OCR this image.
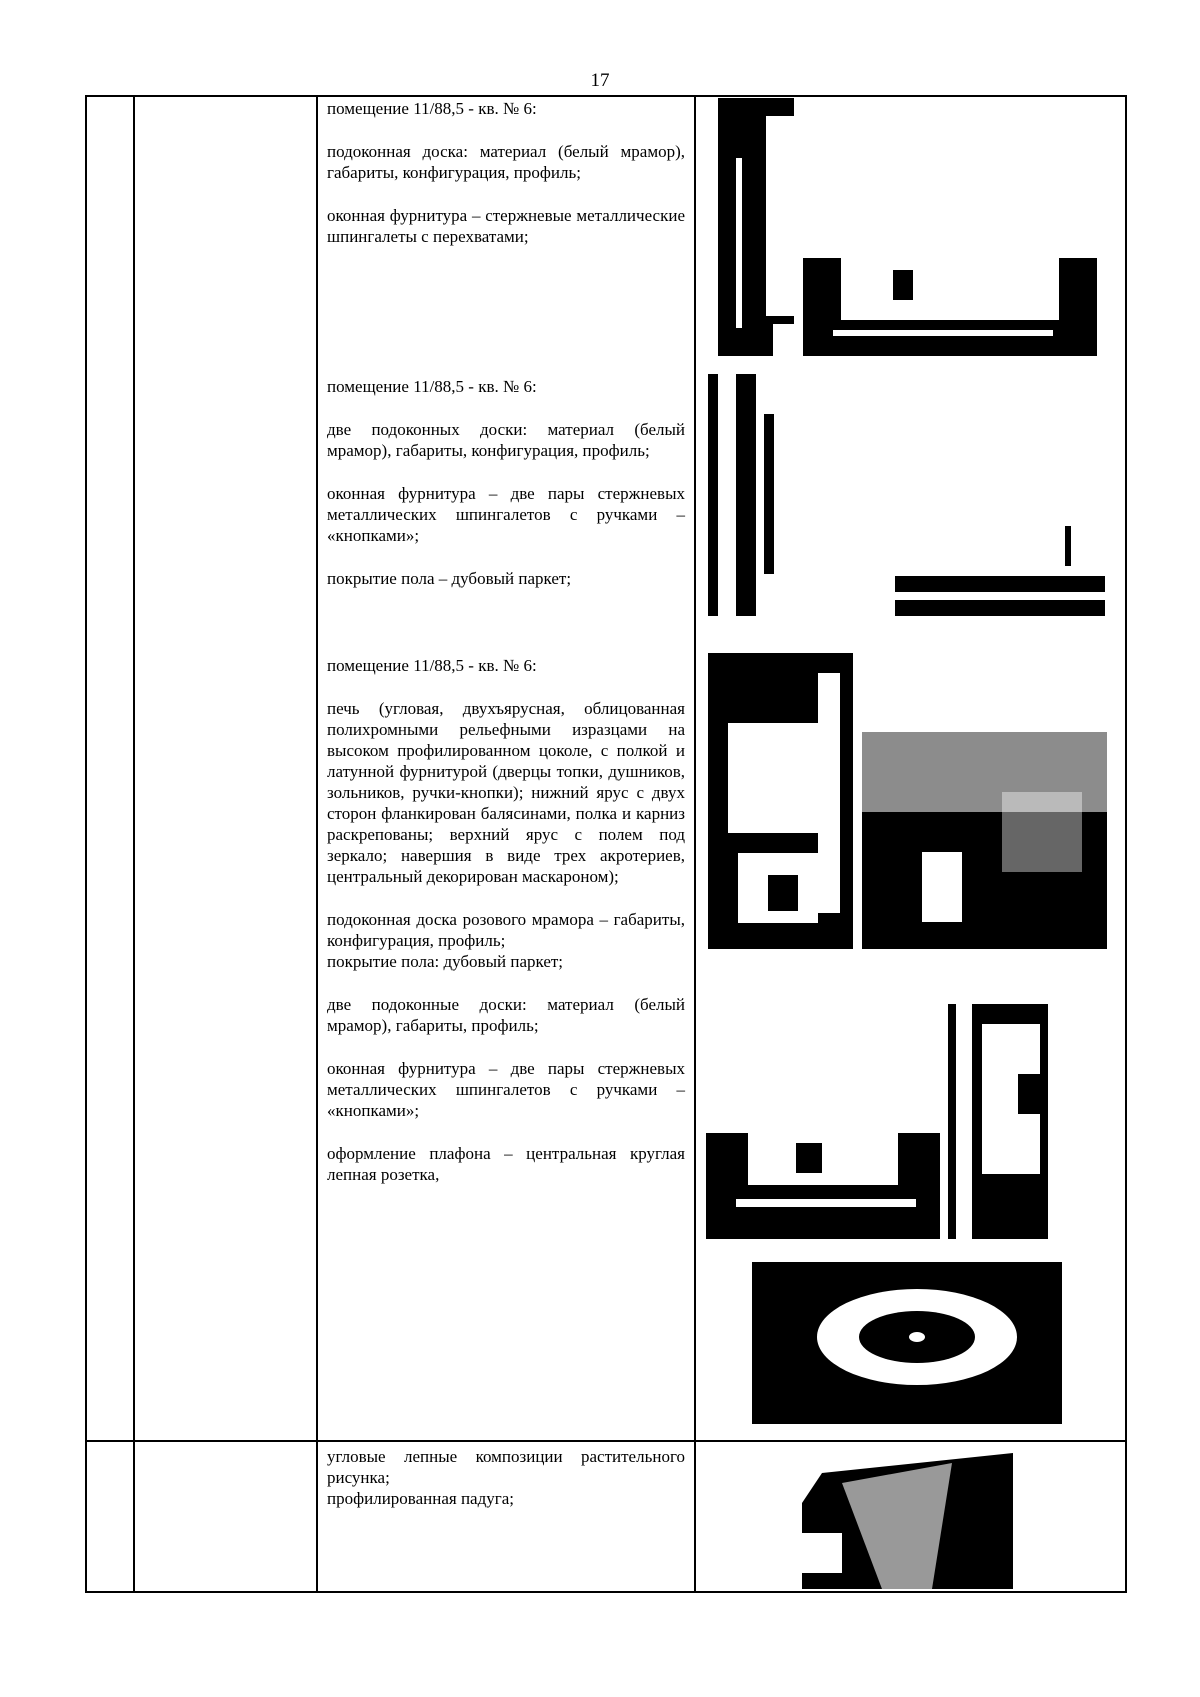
17

помещение 11/88,5 - кв. № 6:

подоконная доска: материал (белый мрамор), габариты, конфигурация, профиль;

оконная фурнитура – стержневые металлические шпингалеты с перехватами;

помещение 11/88,5 - кв. № 6:

две подоконных доски: материал (белый мрамор), габариты, конфигурация, профиль;

оконная фурнитура – две пары стержневых металлических шпингалетов с ручками – «кнопками»;

покрытие пола – дубовый паркет;

помещение 11/88,5 - кв. № 6:

печь (угловая, двухъярусная, облицованная полихромными рельефными изразцами на высоком профилированном цоколе, с полкой и латунной фурнитурой (дверцы топки, душников, зольников, ручки-кнопки); нижний ярус с двух сторон фланкирован балясинами, полка и карниз раскрепованы; верхний ярус с полем под зеркало; навершия в виде трех акротериев, центральный декорирован маскароном);

подоконная доска розового мрамора – габариты, конфигурация, профиль;

покрытие пола: дубовый паркет;

две подоконные доски: материал (белый мрамор), габариты, профиль;

оконная фурнитура – две пары стержневых металлических шпингалетов с ручками – «кнопками»;

оформление плафона – центральная круглая лепная розетка,

угловые лепные композиции растительного рисунка;

профилированная падуга;
